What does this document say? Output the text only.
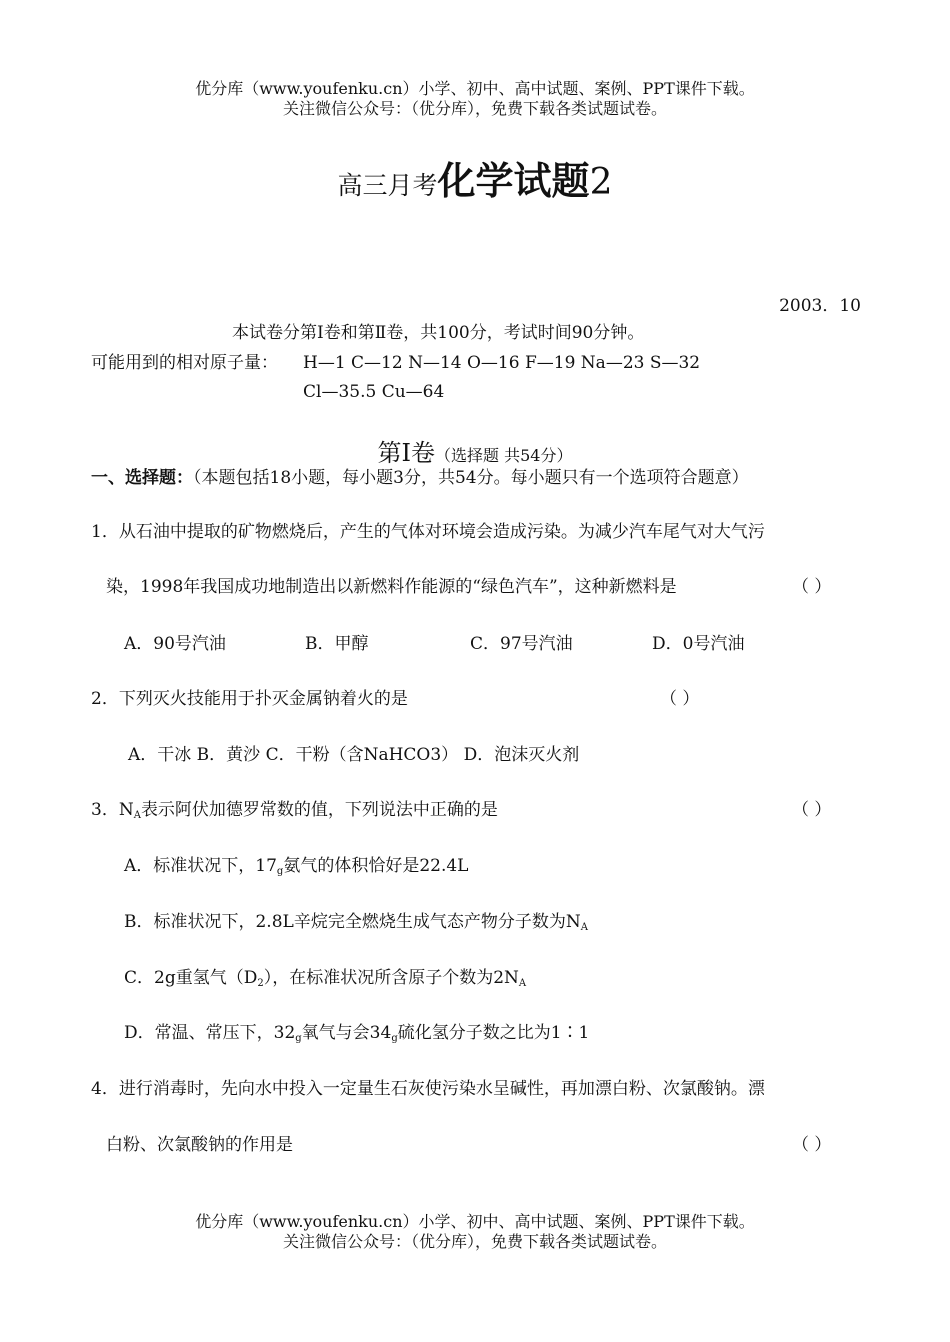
优分库（www.youfenku.cn）小学、初中、高中试题、案例、PPT课件下载。
关注微信公众号：（优分库），免费下载各类试题试卷。
高三月考化学试题2
2003．10
本试卷分第Ⅰ卷和第Ⅱ卷，共100分，考试时间90分钟。
可能用到的相对原子量： H—1 C—12 N—14 O—16 F—19 Na—23 S—32
Cl—35.5 Cu—64
第Ⅰ卷（选择题 共54分）
一、选择题：（本题包括18小题，每小题3分，共54分。每小题只有一个选项符合题意）
1．从石油中提取的矿物燃烧后，产生的气体对环境会造成污染。为减少汽车尾气对大气污
染，1998年我国成功地制造出以新燃料作能源的“绿色汽车”，这种新燃料是	（ ）
A．90号汽油	B．甲醇	C．97号汽油	D．0号汽油
2．下列灭火技能用于扑灭金属钠着火的是	（ ）
A．干冰 B．黄沙 C．干粉（含NaHCO3） D．泡沫灭火剂
3．$N_A$表示阿伏加德罗常数的值，下列说法中正确的是	（ ）
A．标准状况下，$17_g$氨气的体积恰好是22.4L
B．标准状况下，2.8L辛烷完全燃烧生成气态产物分子数为$N_A$
C．2g重氢气$(D_2)$，在标准状况所含原子个数为$2N_A$
D．常温、常压下，$32_g$氧气与会$34_g$硫化氢分子数之比为1∶1
4．进行消毒时，先向水中投入一定量生石灰使污染水呈碱性，再加漂白粉、次氯酸钠。漂
白粉、次氯酸钠的作用是	（ ）
优分库（www.youfenku.cn）小学、初中、高中试题、案例、PPT课件下载。
关注微信公众号：（优分库），免费下载各类试题试卷。
